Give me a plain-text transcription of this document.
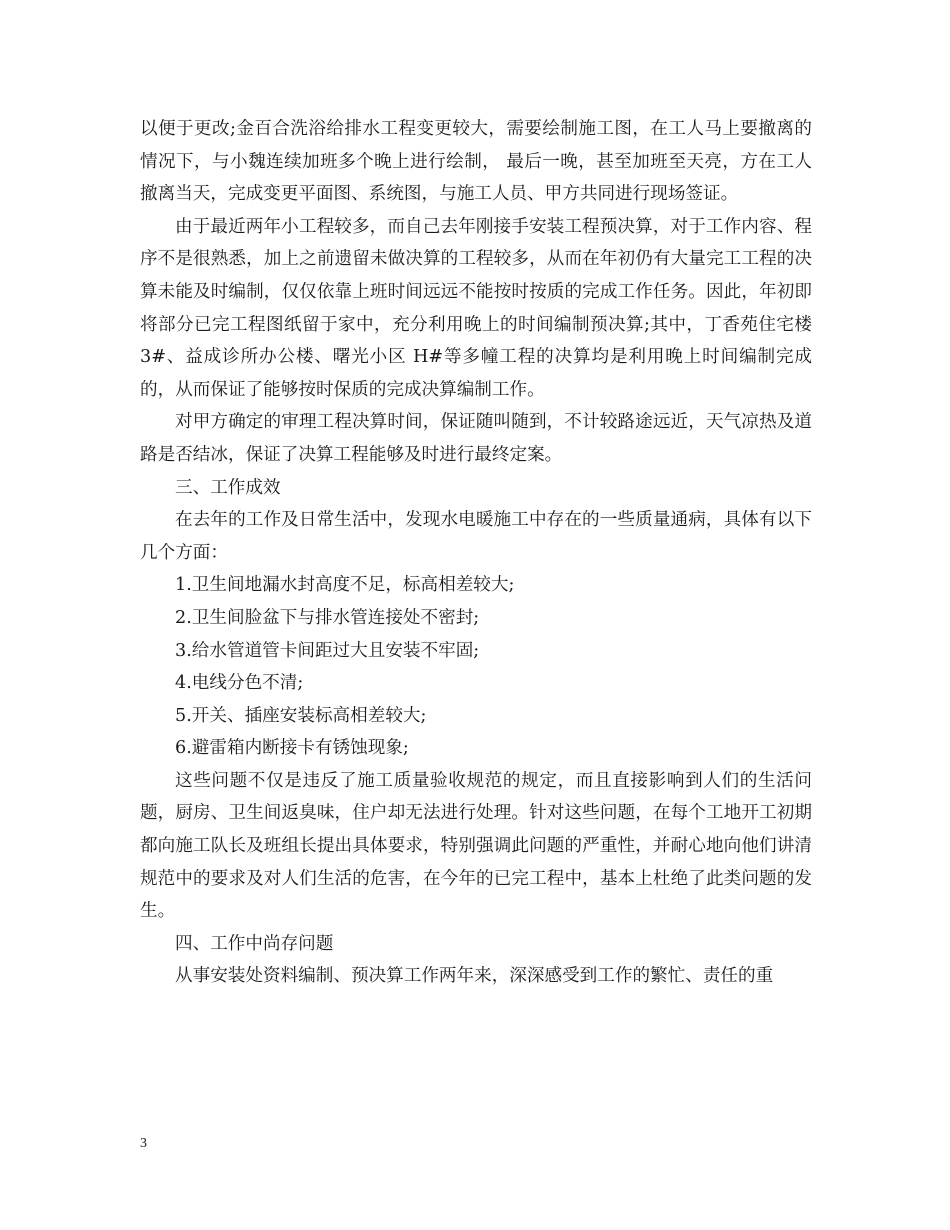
以便于更改;金百合洗浴给排水工程变更较大，需要绘制施工图，在工人马上要撤离的情况下，与小魏连续加班多个晚上进行绘制， 最后一晚，甚至加班至天亮，方在工人撤离当天，完成变更平面图、系统图，与施工人员、甲方共同进行现场签证。

由于最近两年小工程较多，而自己去年刚接手安装工程预决算，对于工作内容、程序不是很熟悉，加上之前遗留未做决算的工程较多，从而在年初仍有大量完工工程的决算未能及时编制，仅仅依靠上班时间远远不能按时按质的完成工作任务。因此，年初即将部分已完工程图纸留于家中，充分利用晚上的时间编制预决算;其中，丁香苑住宅楼 3#、益成诊所办公楼、曙光小区 H#等多幢工程的决算均是利用晚上时间编制完成的，从而保证了能够按时保质的完成决算编制工作。

对甲方确定的审理工程决算时间，保证随叫随到，不计较路途远近，天气凉热及道路是否结冰，保证了决算工程能够及时进行最终定案。

三、工作成效

在去年的工作及日常生活中，发现水电暖施工中存在的一些质量通病，具体有以下几个方面：

1.卫生间地漏水封高度不足，标高相差较大;

2.卫生间脸盆下与排水管连接处不密封;

3.给水管道管卡间距过大且安装不牢固;

4.电线分色不清;

5.开关、插座安装标高相差较大;

6.避雷箱内断接卡有锈蚀现象;

这些问题不仅是违反了施工质量验收规范的规定，而且直接影响到人们的生活问题，厨房、卫生间返臭味，住户却无法进行处理。针对这些问题，在每个工地开工初期都向施工队长及班组长提出具体要求，特别强调此问题的严重性，并耐心地向他们讲清规范中的要求及对人们生活的危害，在今年的已完工程中，基本上杜绝了此类问题的发生。

四、工作中尚存问题

从事安装处资料编制、预决算工作两年来，深深感受到工作的繁忙、责任的重

3
